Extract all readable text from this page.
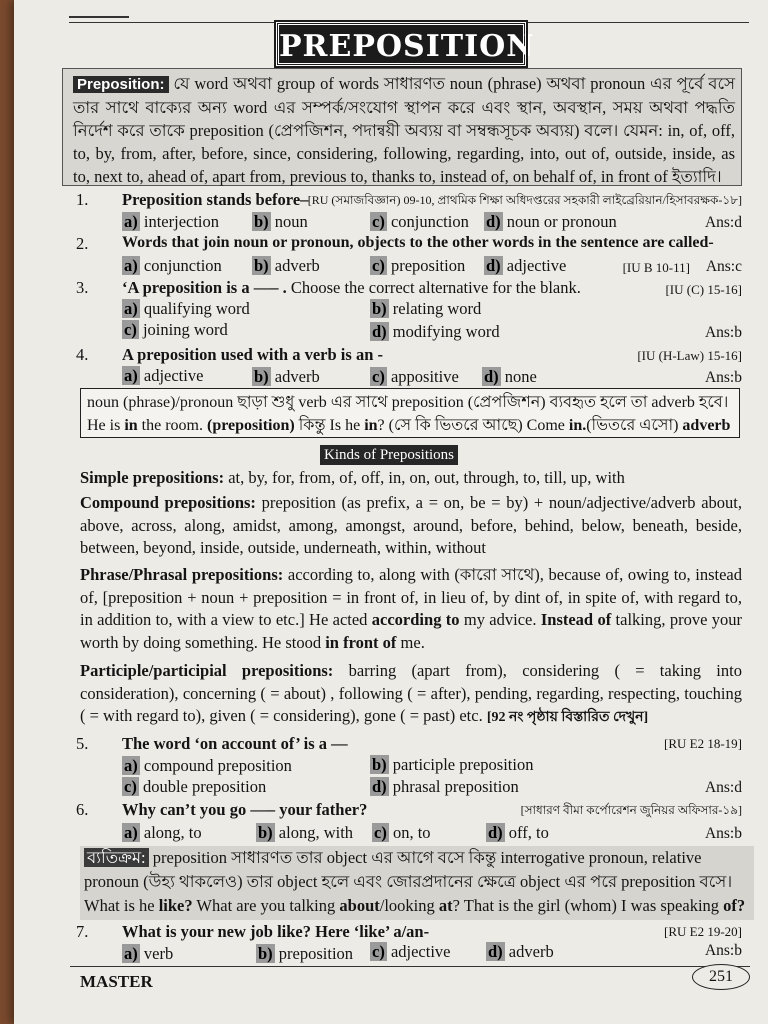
PREPOSITION
Preposition: যে word অথবা group of words সাধারণত noun (phrase) অথবা pronoun এর পূর্বে বসে তার সাথে বাক্যের অন্য word এর সম্পর্ক/সংযোগ স্থাপন করে এবং স্থান, অবস্থান, সময় অথবা পদ্ধতি নির্দেশ করে তাকে preposition (প্রেপজিশন, পদান্বয়ী অব্যয় বা সম্বন্ধসূচক অব্যয়) বলে। যেমন: in, of, off, to, by, from, after, before, since, considering, following, regarding, into, out of, outside, inside, as to, next to, ahead of, apart from, previous to, thanks to, instead of, on behalf of, in front of ইত্যাদি।
1. Preposition stands before– [RU (সমাজবিজ্ঞান) 09-10, প্রাথমিক শিক্ষা অধিদপ্তরের সহকারী লাইব্রেরিয়ান/হিসাবরক্ষক-১৮]
a) interjection b) noun	c) conjunction d) noun or pronoun	Ans:d
2. Words that join noun or pronoun, objects to the other words in the sentence are called-
a) conjunction b) adverb	c) preposition d) adjective	[IU B 10-11] Ans:c
3. ‘A preposition is a —– . Choose the correct alternative for the blank.	[IU (C) 15-16]
a) qualifying word	b) relating word
c) joining word	d) modifying word	Ans:b
4. A preposition used with a verb is an -	[IU (H-Law) 15-16]
a) adjective	b) adverb	c) appositive d) none	Ans:b
noun (phrase)/pronoun ছাড়া শুধু verb এর সাথে preposition (প্রেপজিশন) ব্যবহৃত হলে তা adverb হবে।
He is in the room. (preposition) কিন্তু Is he in? (সে কি ভিতরে আছে) Come in.(ভিতরে এসো) adverb
Kinds of Prepositions
Simple prepositions: at, by, for, from, of, off, in, on, out, through, to, till, up, with
Compound prepositions: preposition (as prefix, a = on, be = by) + noun/adjective/adverb about, above, across, along, amidst, among, amongst, around, before, behind, below, beneath, beside, between, beyond, inside, outside, underneath, within, without
Phrase/Phrasal prepositions: according to, along with (কারো সাথে), because of, owing to, instead of, [preposition + noun + preposition = in front of, in lieu of, by dint of, in spite of, with regard to, in addition to, with a view to etc.] He acted according to my advice. Instead of talking, prove your worth by doing something. He stood in front of me.
Participle/participial prepositions: barring (apart from), considering ( = taking into consideration), concerning ( = about) , following ( = after), pending, regarding, respecting, touching ( = with regard to), given ( = considering), gone ( = past) etc. [92 নং পৃষ্ঠায় বিস্তারিত দেখুন]
5. The word ‘on account of’ is a —	[RU E2 18-19]
a) compound preposition	b) participle preposition
c) double preposition	d) phrasal preposition	Ans:d
6. Why can’t you go —– your father?	[সাধারণ বীমা কর্পোরেশন জুনিয়র অফিসার-১৯]
a) along, to	b) along, with c) on, to	d) off, to	Ans:b
ব্যতিক্রম: preposition সাধারণত তার object এর আগে বসে কিন্তু interrogative pronoun, relative pronoun (উহ্য থাকলেও) তার object হলে এবং জোরপ্রদানের ক্ষেত্রে object এর পরে preposition বসে। What is he like? What are you talking about/looking at? That is the girl (whom) I was speaking of?
7. What is your new job like? Here ‘like’ a/an-	[RU E2 19-20]
a) verb	b) preposition c) adjective d) adverb	Ans:b
MASTER	251
